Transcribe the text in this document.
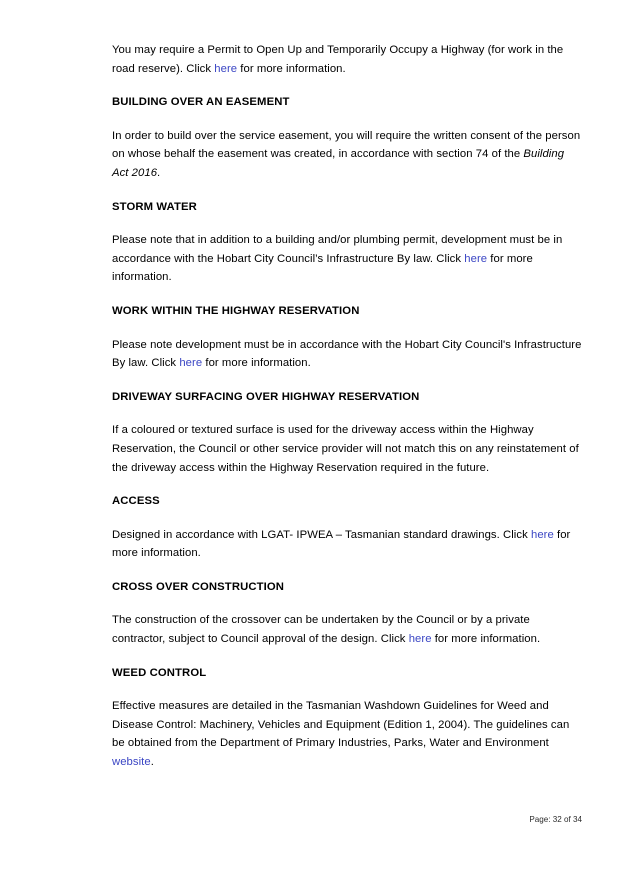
You may require a Permit to Open Up and Temporarily Occupy a Highway (for work in the road reserve). Click here for more information.

BUILDING OVER AN EASEMENT

In order to build over the service easement, you will require the written consent of the person on whose behalf the easement was created, in accordance with section 74 of the Building Act 2016.

STORM WATER

Please note that in addition to a building and/or plumbing permit, development must be in accordance with the Hobart City Council’s Infrastructure By law. Click here for more information.

WORK WITHIN THE HIGHWAY RESERVATION

Please note development must be in accordance with the Hobart City Council's Infrastructure By law. Click here for more information.

DRIVEWAY SURFACING OVER HIGHWAY RESERVATION

If a coloured or textured surface is used for the driveway access within the Highway Reservation, the Council or other service provider will not match this on any reinstatement of the driveway access within the Highway Reservation required in the future.

ACCESS

Designed in accordance with LGAT- IPWEA – Tasmanian standard drawings. Click here for more information.

CROSS OVER CONSTRUCTION

The construction of the crossover can be undertaken by the Council or by a private contractor, subject to Council approval of the design. Click here for more information.

WEED CONTROL

Effective measures are detailed in the Tasmanian Washdown Guidelines for Weed and Disease Control: Machinery, Vehicles and Equipment (Edition 1, 2004). The guidelines can be obtained from the Department of Primary Industries, Parks, Water and Environment website.

Page: 32 of 34
